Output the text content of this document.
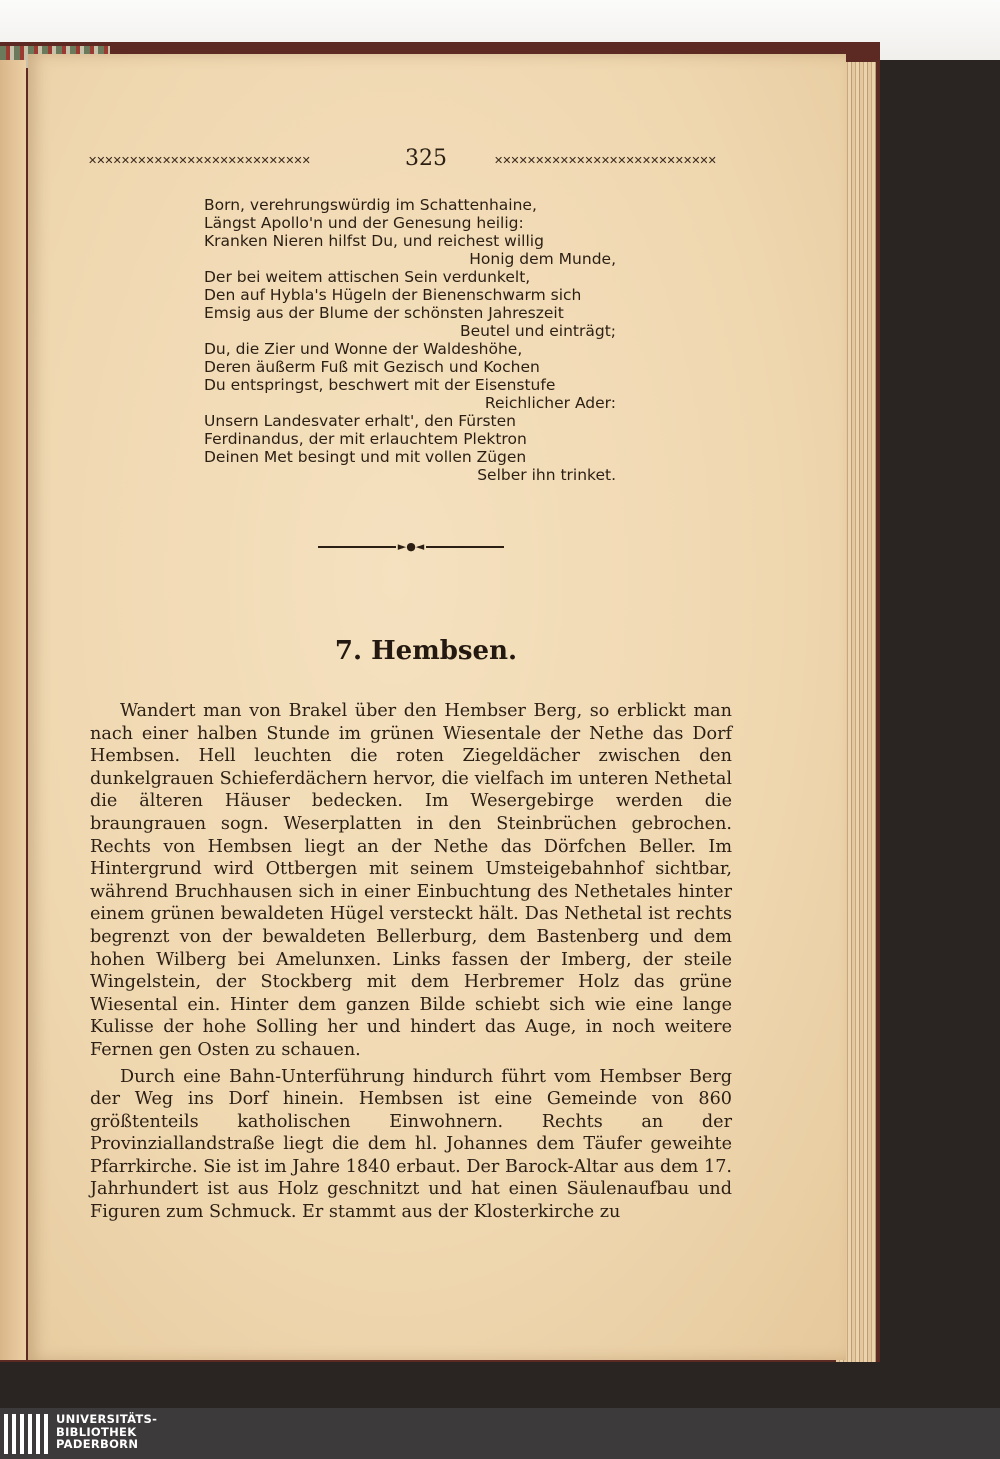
✕✕✕✕✕✕✕✕✕✕✕✕✕✕✕✕✕✕✕✕✕✕✕✕✕✕✕	325	✕✕✕✕✕✕✕✕✕✕✕✕✕✕✕✕✕✕✕✕✕✕✕✕✕✕✕
Born, verehrungswürdig im Schattenhaine,
Längst Apollo'n und der Genesung heilig:
Kranken Nieren hilfst Du, und reichest willig
Honig dem Munde,
Der bei weitem attischen Sein verdunkelt,
Den auf Hybla's Hügeln der Bienenschwarm sich
Emsig aus der Blume der schönsten Jahreszeit
Beutel und einträgt;
Du, die Zier und Wonne der Waldeshöhe,
Deren äußerm Fuß mit Gezisch und Kochen
Du entspringst, beschwert mit der Eisenstufe
Reichlicher Ader:
Unsern Landesvater erhalt', den Fürsten
Ferdinandus, der mit erlauchtem Plektron
Deinen Met besingt und mit vollen Zügen
Selber ihn trinket.
►●◄
7. Hembsen.

Wandert man von Brakel über den Hembser Berg, so erblickt man nach einer halben Stunde im grünen Wiesentale der Nethe das Dorf Hembsen. Hell leuchten die roten Ziegeldächer zwischen den dunkelgrauen Schieferdächern hervor, die vielfach im unteren Nethetal die älteren Häuser bedecken. Im Wesergebirge werden die braungrauen sogn. Weserplatten in den Steinbrüchen gebrochen. Rechts von Hembsen liegt an der Nethe das Dörfchen Beller. Im Hintergrund wird Ottbergen mit seinem Umsteigebahnhof sichtbar, während Bruchhausen sich in einer Einbuchtung des Nethetales hinter einem grünen bewaldeten Hügel versteckt hält. Das Nethetal ist rechts begrenzt von der bewaldeten Bellerburg, dem Bastenberg und dem hohen Wilberg bei Amelunxen. Links fassen der Imberg, der steile Wingelstein, der Stockberg mit dem Herbremer Holz das grüne Wiesental ein. Hinter dem ganzen Bilde schiebt sich wie eine lange Kulisse der hohe Solling her und hindert das Auge, in noch weitere Fernen gen Osten zu schauen.

Durch eine Bahn-Unterführung hindurch führt vom Hembser Berg der Weg ins Dorf hinein. Hembsen ist eine Gemeinde von 860 größtenteils katholischen Einwohnern. Rechts an der Provinziallandstraße liegt die dem hl. Johannes dem Täufer geweihte Pfarrkirche. Sie ist im Jahre 1840 erbaut. Der Barock-Altar aus dem 17. Jahrhundert ist aus Holz geschnitzt und hat einen Säulenaufbau und Figuren zum Schmuck. Er stammt aus der Klosterkirche zu

UNIVERSITÄTS-
BIBLIOTHEK
PADERBORN
